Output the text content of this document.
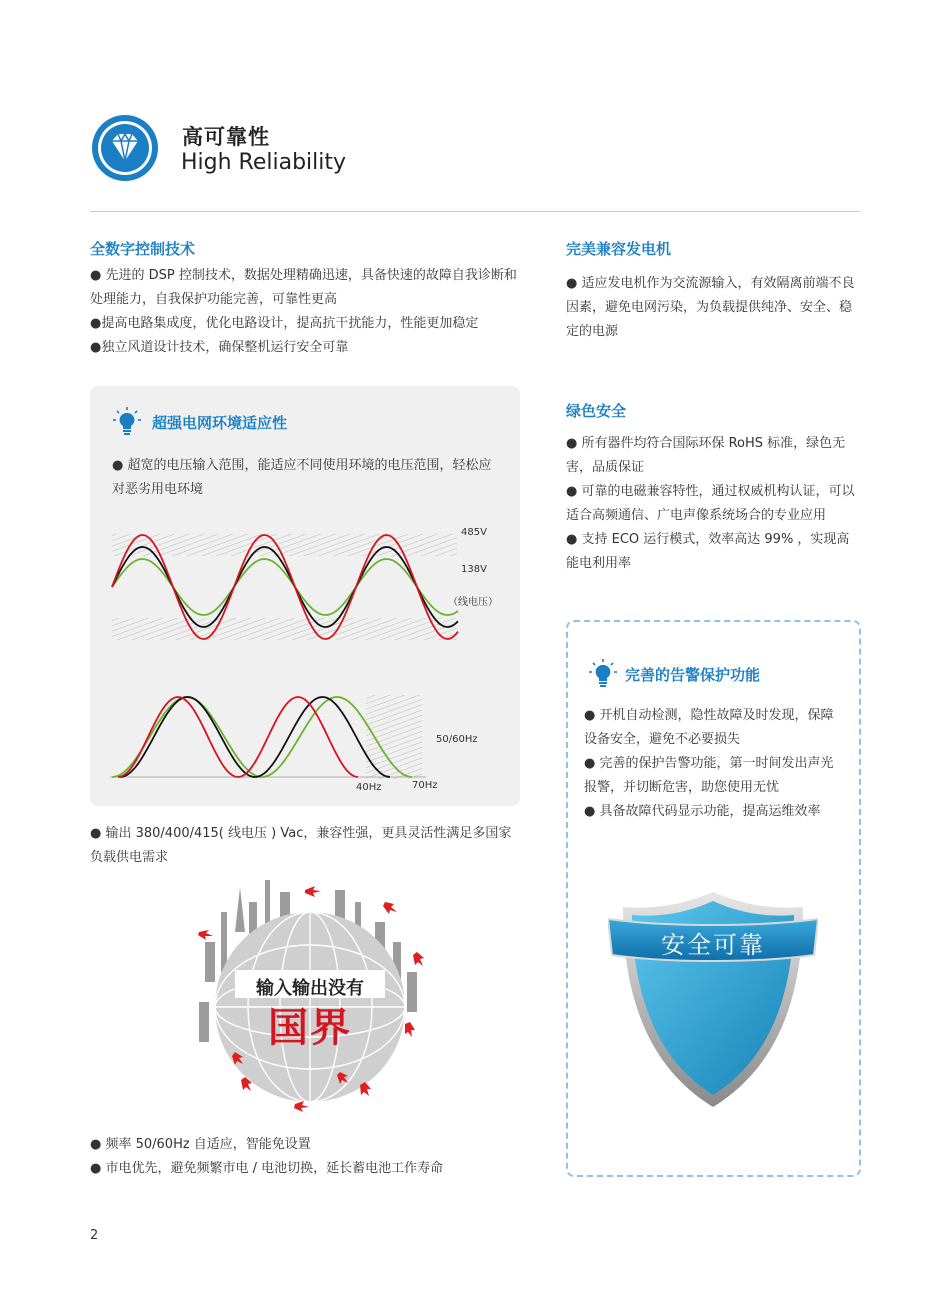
高可靠性
High Reliability
全数字控制技术

● 先进的 DSP 控制技术，数据处理精确迅速，具备快速的故障自我诊断和处理能力，自我保护功能完善，可靠性更高

●提高电路集成度，优化电路设计，提高抗干扰能力，性能更加稳定

●独立风道设计技术，确保整机运行安全可靠

超强电网环境适应性
● 超宽的电压输入范围，能适应不同使用环境的电压范围，轻松应对恶劣用电环境
485V
138V
（线电压）
50/60Hz
40Hz	70Hz
● 输出 380/400/415( 线电压 ) Vac，兼容性强，更具灵活性满足多国家负载供电需求
输入输出没有
国界

● 频率 50/60Hz 自适应，智能免设置

● 市电优先，避免频繁市电 / 电池切换，延长蓄电池工作寿命

完美兼容发电机
● 适应发电机作为交流源输入，有效隔离前端不良因素，避免电网污染，为负载提供纯净、安全、稳定的电源
绿色安全

● 所有器件均符合国际环保 RoHS 标准，绿色无害，品质保证

● 可靠的电磁兼容特性，通过权威机构认证，可以适合高频通信、广电声像系统场合的专业应用

● 支持 ECO 运行模式，效率高达 99% ，实现高能电利用率

完善的告警保护功能

● 开机自动检测，隐性故障及时发现，保障设备安全，避免不必要损失

● 完善的保护告警功能，第一时间发出声光报警，并切断危害，助您使用无忧

● 具备故障代码显示功能，提高运维效率

安全可靠
2
